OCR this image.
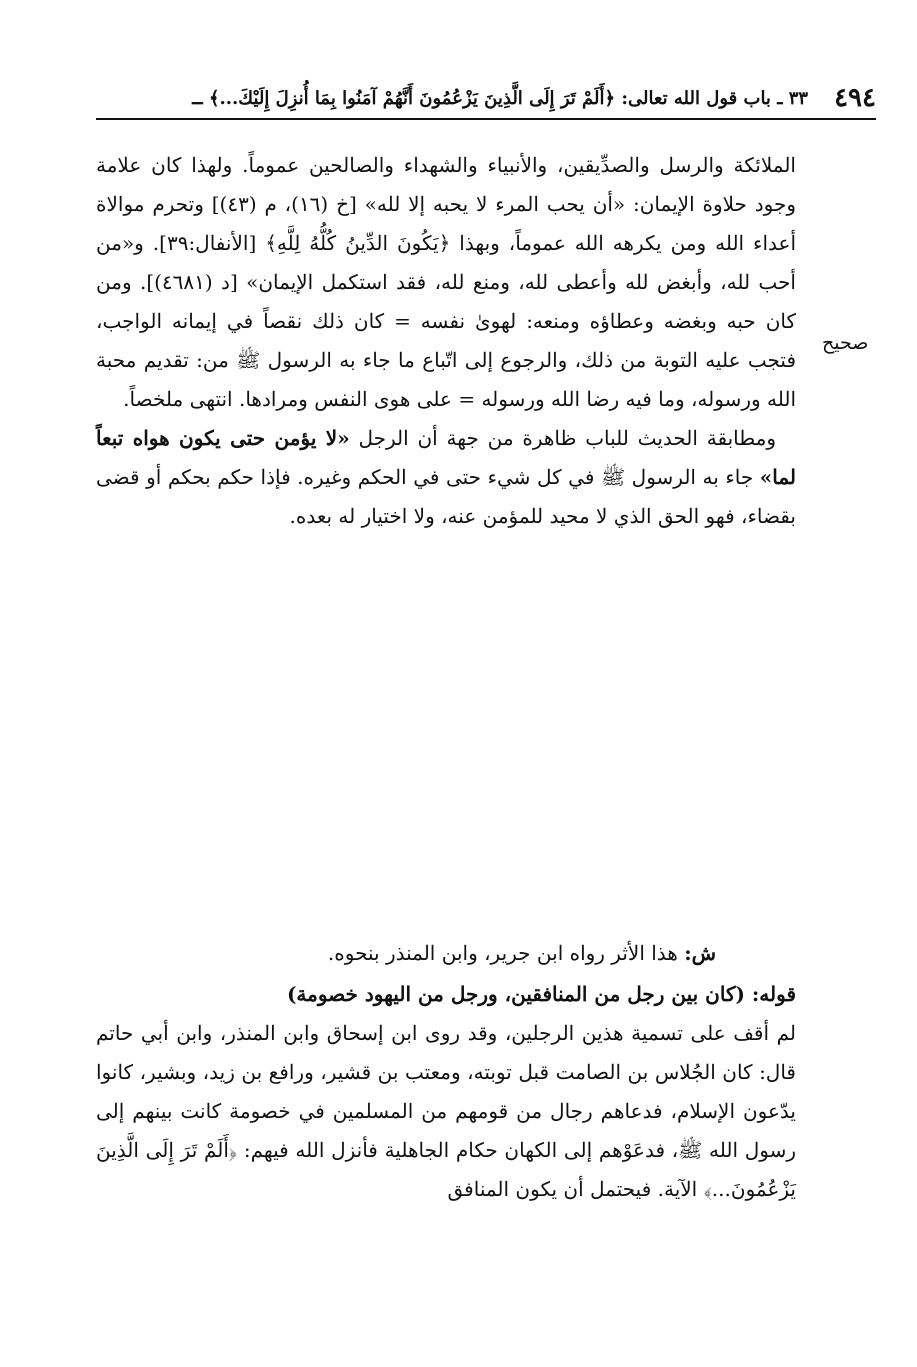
٤٩٤
٣٣ ـ باب قول الله تعالى: ﴿أَلَمْ تَرَ إِلَى الَّذِينَ يَزْعُمُونَ أَنَّهُمْ آمَنُوا بِمَا أُنزِلَ إِلَيْكَ...﴾ ــ
صحيح

الملائكة والرسل والصدِّيقين، والأنبياء والشهداء والصالحين عموماً. ولهذا كان علامة وجود حلاوة الإيمان: «أن يحب المرء لا يحبه إلا لله» [خ (١٦)، م (٤٣)] وتحرم موالاة أعداء الله ومن يكرهه الله عموماً، وبهذا ﴿يَكُونَ الدِّينُ كُلُّهُ لِلَّهِ﴾ [الأنفال:٣٩]. و«من أحب لله، وأبغض لله وأعطى لله، ومنع لله، فقد استكمل الإيمان» [د (٤٦٨١)]. ومن كان حبه وبغضه وعطاؤه ومنعه: لهوىٰ نفسه = كان ذلك نقصاً في إيمانه الواجب، فتجب عليه التوبة من ذلك، والرجوع إلى اتّباع ما جاء به الرسول ﷺ من: تقديم محبة الله ورسوله، وما فيه رضا الله ورسوله = على هوى النفس ومرادها. انتهى ملخصاً.

 ومطابقة الحديث للباب ظاهرة من جهة أن الرجل «لا يؤمن حتى يكون هواه تبعاً لما» جاء به الرسول ﷺ في كل شيء حتى في الحكم وغيره. فإذا حكم بحكم أو قضى بقضاء، فهو الحق الذي لا محيد للمؤمن عنه، ولا اختيار له بعده.

    ش: هذا الأثر رواه ابن جرير، وابن المنذر بنحوه.

قوله: (كان بين رجل من المنافقين، ورجل من اليهود خصومة)

لم أقف على تسمية هذين الرجلين، وقد روى ابن إسحاق وابن المنذر، وابن أبي حاتم قال: كان الجُلاس بن الصامت قبل توبته، ومعتب بن قشير، ورافع بن زيد، وبشير، كانوا يدّعون الإسلام، فدعاهم رجال من قومهم من المسلمين في خصومة كانت بينهم إلى رسول الله ﷺ، فدعَوْهم إلى الكهان حكام الجاهلية فأنزل الله فيهم: ﴿أَلَمْ تَرَ إِلَى الَّذِينَ يَزْعُمُونَ...﴾ الآية. فيحتمل أن يكون المنافق
